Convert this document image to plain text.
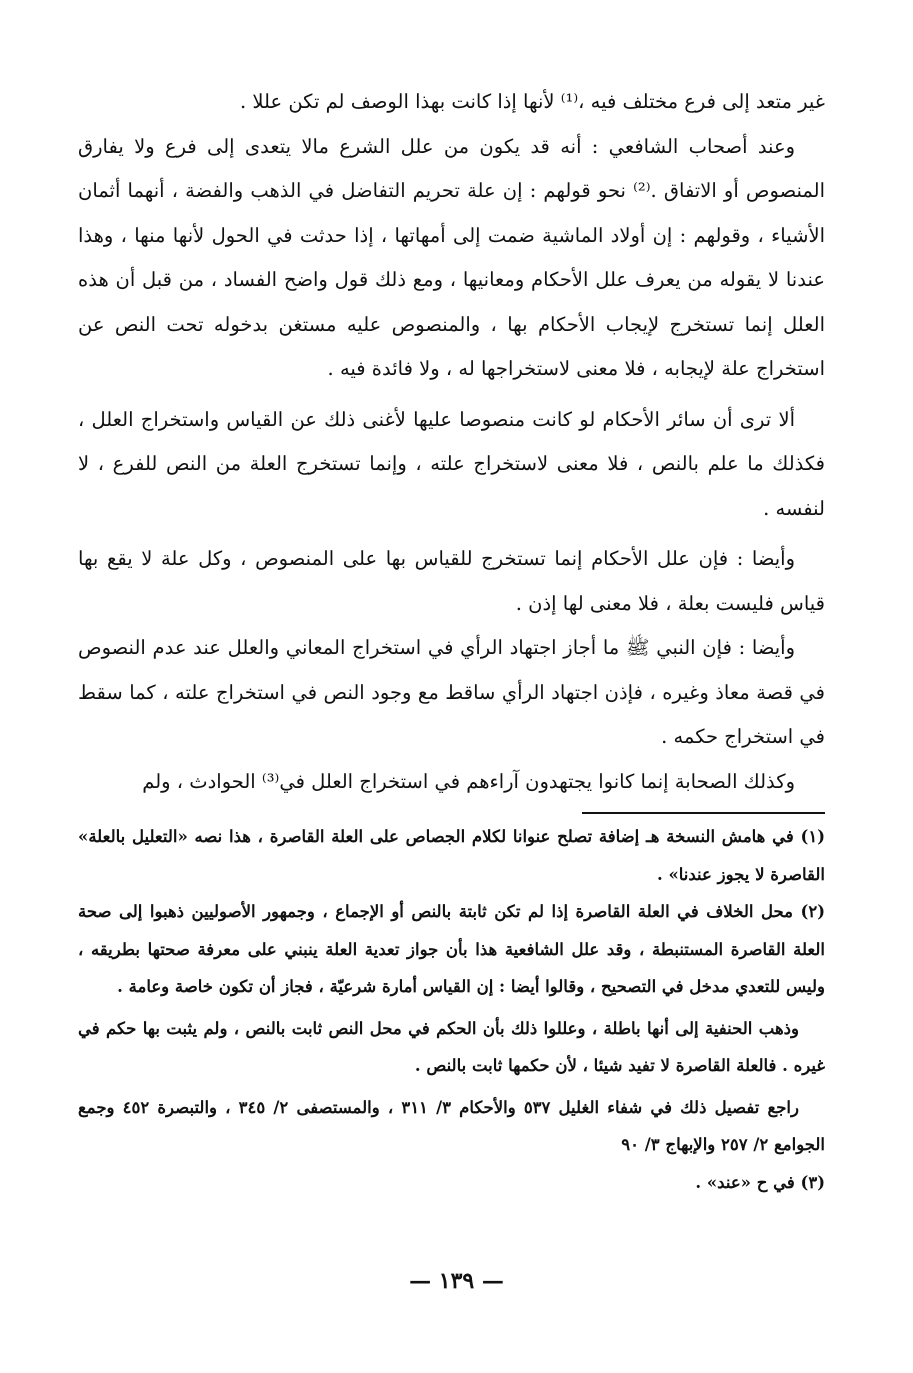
غير متعد إلى فرع مختلف فيه ،⁽¹⁾ لأنها إذا كانت بهذا الوصف لم تكن عللا .

وعند أصحاب الشافعي : أنه قد يكون من علل الشرع مالا يتعدى إلى فرع ولا يفارق المنصوص أو الاتفاق .⁽²⁾ نحو قولهم : إن علة تحريم التفاضل في الذهب والفضة ، أنهما أثمان الأشياء ، وقولهم : إن أولاد الماشية ضمت إلى أمهاتها ، إذا حدثت في الحول لأنها منها ، وهذا عندنا لا يقوله من يعرف علل الأحكام ومعانيها ، ومع ذلك قول واضح الفساد ، من قبل أن هذه العلل إنما تستخرج لإيجاب الأحكام بها ، والمنصوص عليه مستغن بدخوله تحت النص عن استخراج علة لإيجابه ، فلا معنى لاستخراجها له ، ولا فائدة فيه .

ألا ترى أن سائر الأحكام لو كانت منصوصا عليها لأغنى ذلك عن القياس واستخراج العلل ، فكذلك ما علم بالنص ، فلا معنى لاستخراج علته ، وإنما تستخرج العلة من النص للفرع ، لا لنفسه .

وأيضا : فإن علل الأحكام إنما تستخرج للقياس بها على المنصوص ، وكل علة لا يقع بها قياس فليست بعلة ، فلا معنى لها إذن .

وأيضا : فإن النبي ﷺ ما أجاز اجتهاد الرأي في استخراج المعاني والعلل عند عدم النصوص في قصة معاذ وغيره ، فإذن اجتهاد الرأي ساقط مع وجود النص في استخراج علته ، كما سقط في استخراج حكمه .

وكذلك الصحابة إنما كانوا يجتهدون آراءهم في استخراج العلل في⁽³⁾ الحوادث ، ولم

(١) في هامش النسخة هـ إضافة تصلح عنوانا لكلام الجصاص على العلة القاصرة ، هذا نصه «التعليل بالعلة» القاصرة لا يجوز عندنا» .

(٢) محل الخلاف في العلة القاصرة إذا لم تكن ثابتة بالنص أو الإجماع ، وجمهور الأصوليين ذهبوا إلى صحة العلة القاصرة المستنبطة ، وقد علل الشافعية هذا بأن جواز تعدية العلة ينبني على معرفة صحتها بطريقه ، وليس للتعدي مدخل في التصحيح ، وقالوا أيضا : إن القياس أمارة شرعيّة ، فجاز أن تكون خاصة وعامة .

وذهب الحنفية إلى أنها باطلة ، وعللوا ذلك بأن الحكم في محل النص ثابت بالنص ، ولم يثبت بها حكم في غيره . فالعلة القاصرة لا تفيد شيئا ، لأن حكمها ثابت بالنص .

راجع تفصيل ذلك في شفاء الغليل ٥٣٧ والأحكام ٣/ ٣١١ ، والمستصفى ٢/ ٣٤٥ ، والتبصرة ٤٥٢ وجمع الجوامع ٢/ ٢٥٧ والإبهاج ٣/ ٩٠

(٣) في ح «عند» .

— ١٣٩ —
